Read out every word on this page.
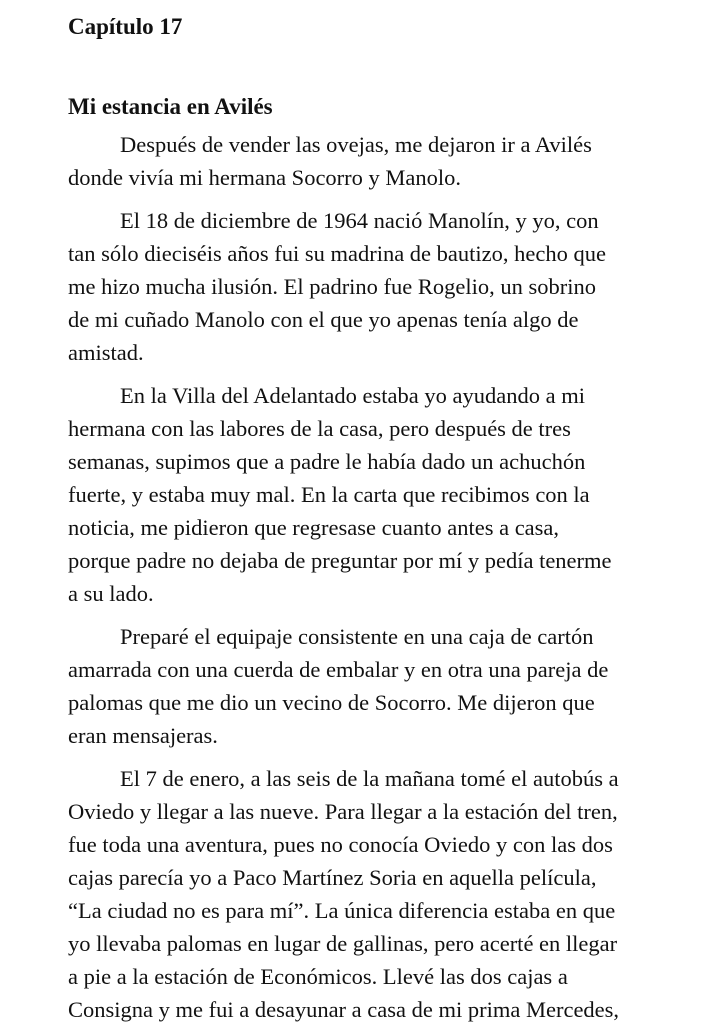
Capítulo 17
Mi estancia en Avilés

Después de vender las ovejas, me dejaron ir a Avilés
donde vivía mi hermana Socorro y Manolo.

El 18 de diciembre de 1964 nació Manolín, y yo, con
tan sólo dieciséis años fui su madrina de bautizo, hecho que
me hizo mucha ilusión. El padrino fue Rogelio, un sobrino
de mi cuñado Manolo con el que yo apenas tenía algo de
amistad.

En la Villa del Adelantado estaba yo ayudando a mi
hermana con las labores de la casa, pero después de tres
semanas, supimos que a padre le había dado un achuchón
fuerte, y estaba muy mal. En la carta que recibimos con la
noticia, me pidieron que regresase cuanto antes a casa,
porque padre no dejaba de preguntar por mí y pedía tenerme
a su lado.

Preparé el equipaje consistente en una caja de cartón
amarrada con una cuerda de embalar y en otra una pareja de
palomas que me dio un vecino de Socorro. Me dijeron que
eran mensajeras.

El 7 de enero, a las seis de la mañana tomé el autobús a
Oviedo y llegar a las nueve. Para llegar a la estación del tren,
fue toda una aventura, pues no conocía Oviedo y con las dos
cajas parecía yo a Paco Martínez Soria en aquella película,
“La ciudad no es para mí”. La única diferencia estaba en que
yo llevaba palomas en lugar de gallinas, pero acerté en llegar
a pie a la estación de Económicos. Llevé las dos cajas a
Consigna y me fui a desayunar a casa de mi prima Mercedes,
